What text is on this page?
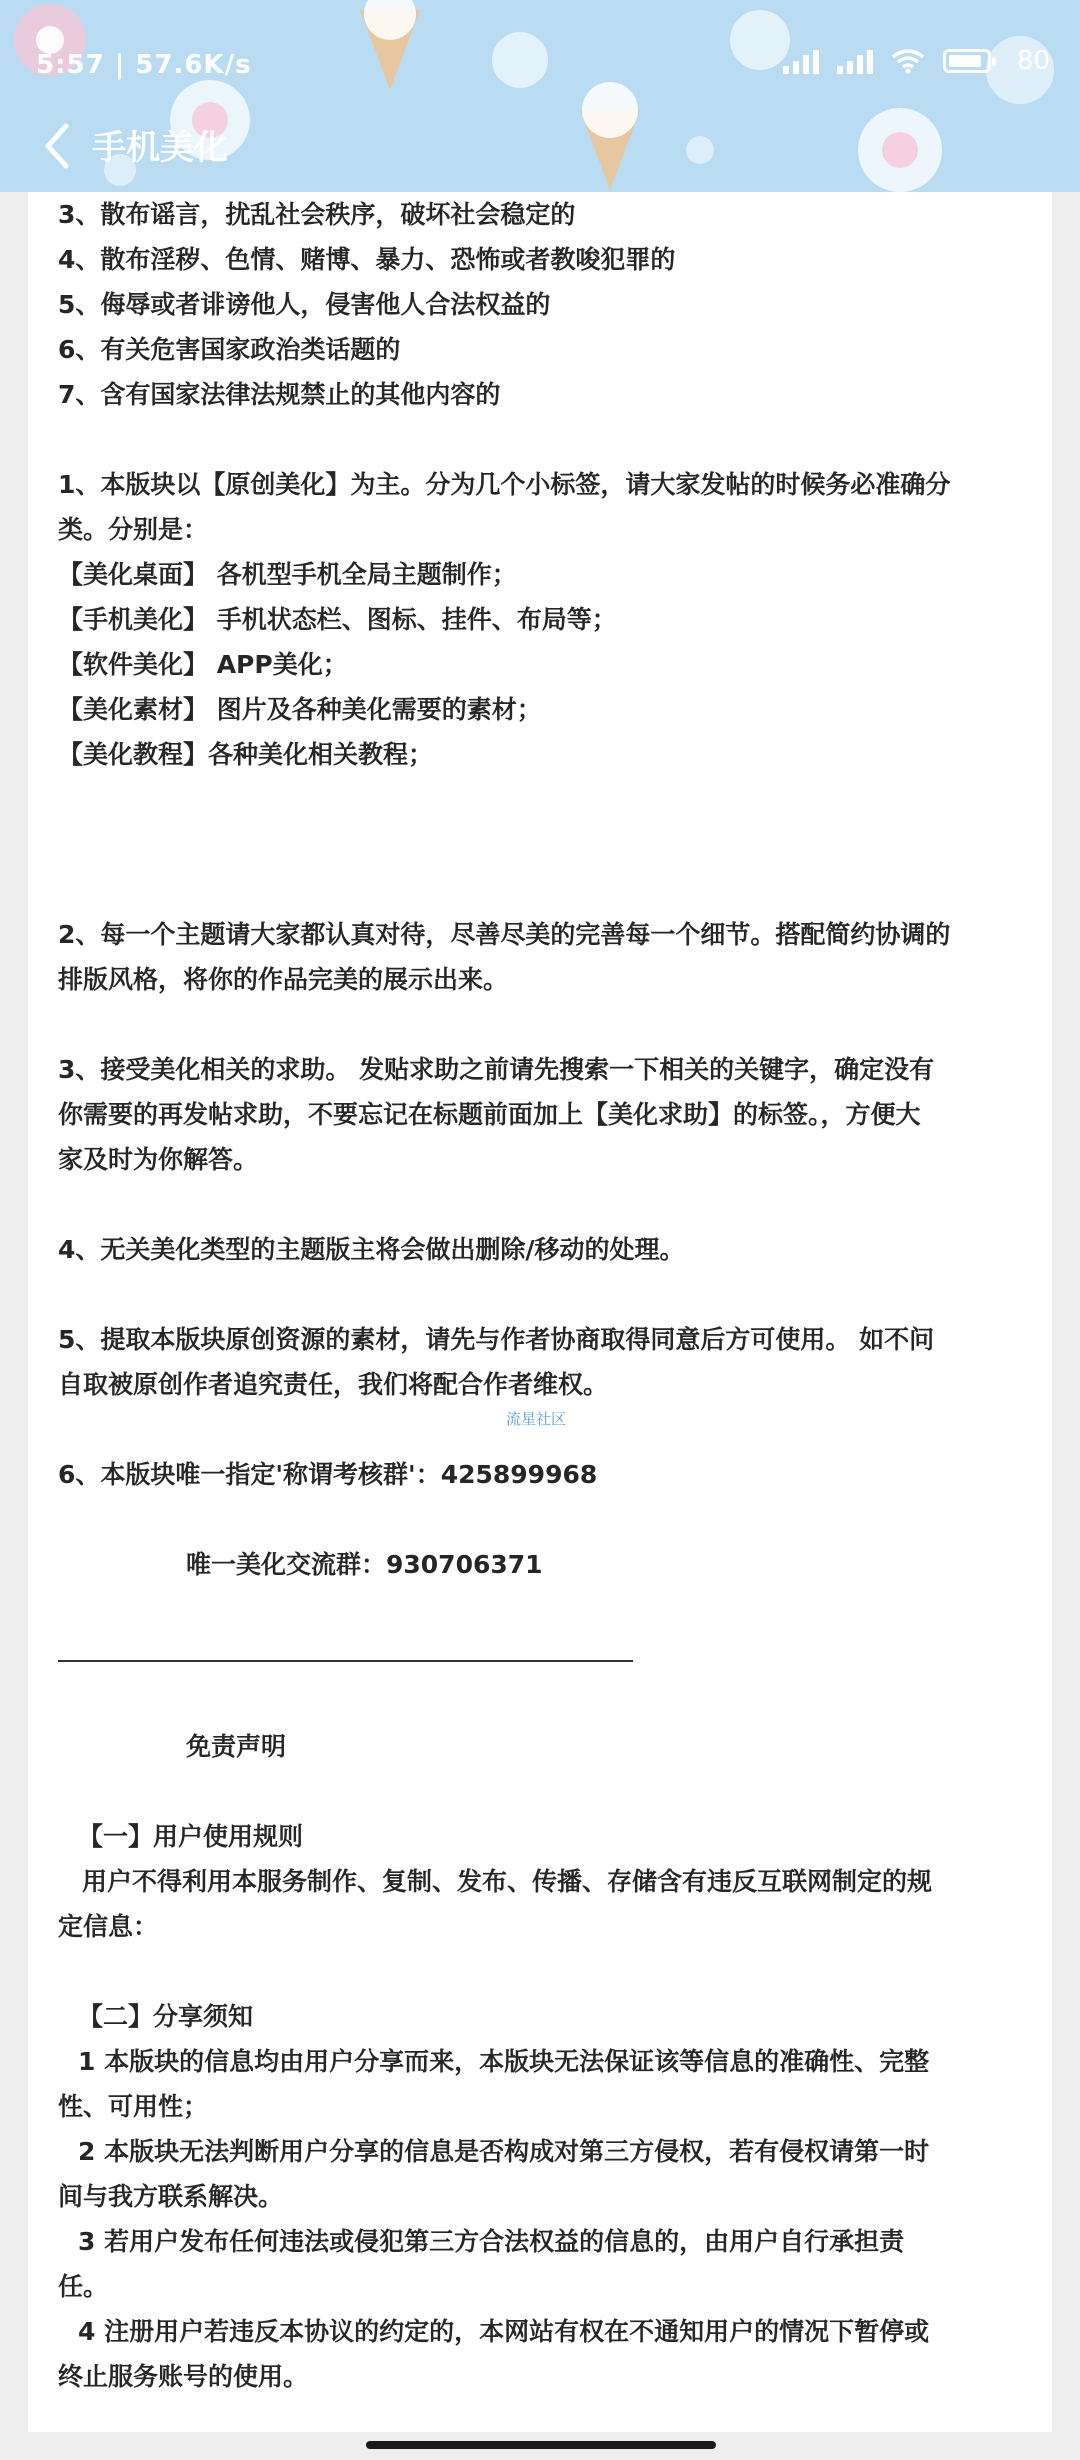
5:57 | 57.6K/s	80
手机美化

3、散布谣言，扰乱社会秩序，破坏社会稳定的

4、散布淫秽、色情、赌博、暴力、恐怖或者教唆犯罪的

5、侮辱或者诽谤他人，侵害他人合法权益的

6、有关危害国家政治类话题的

7、含有国家法律法规禁止的其他内容的

1、本版块以【原创美化】为主。分为几个小标签，请大家发帖的时候务必准确分

类。分别是：

【美化桌面】 各机型手机全局主题制作；

【手机美化】 手机状态栏、图标、挂件、布局等；

【软件美化】 APP美化；

【美化素材】 图片及各种美化需要的素材；

【美化教程】各种美化相关教程；

2、每一个主题请大家都认真对待，尽善尽美的完善每一个细节。搭配简约协调的

排版风格，将你的作品完美的展示出来。

3、接受美化相关的求助。 发贴求助之前请先搜索一下相关的关键字，确定没有

你需要的再发帖求助，不要忘记在标题前面加上【美化求助】的标签。，方便大

家及时为你解答。

4、无关美化类型的主题版主将会做出删除/移动的处理。

5、提取本版块原创资源的素材，请先与作者协商取得同意后方可使用。 如不问

自取被原创作者追究责任，我们将配合作者维权。

6、本版块唯一指定'称谓考核群'：425899968

唯一美化交流群：930706371

免责声明

【一】用户使用规则

用户不得利用本服务制作、复制、发布、传播、存储含有违反互联网制定的规

定信息：

【二】分享须知

1 本版块的信息均由用户分享而来，本版块无法保证该等信息的准确性、完整

性、可用性；

2 本版块无法判断用户分享的信息是否构成对第三方侵权，若有侵权请第一时

间与我方联系解决。

3 若用户发布任何违法或侵犯第三方合法权益的信息的，由用户自行承担责

任。

4 注册用户若违反本协议的约定的，本网站有权在不通知用户的情况下暂停或

终止服务账号的使用。

流星社区
